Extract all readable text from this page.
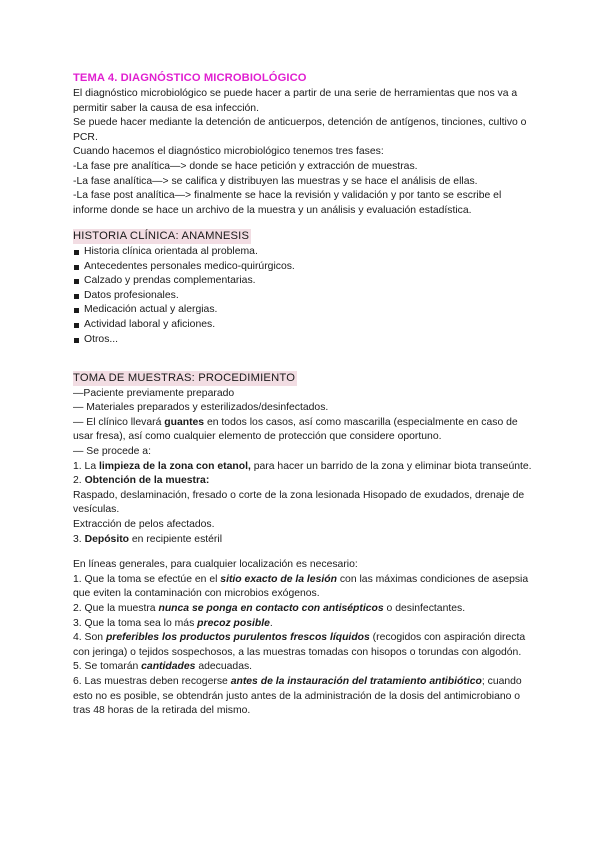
TEMA 4. DIAGNÓSTICO MICROBIOLÓGICO

El diagnóstico microbiológico se puede hacer a partir de una serie de herramientas que nos va a permitir saber la causa de esa infección.

Se puede hacer mediante la detención de anticuerpos, detención de antígenos, tinciones, cultivo o PCR.

Cuando hacemos el diagnóstico microbiológico tenemos tres fases:

-La fase pre analítica—> donde se hace petición y extracción de muestras.

-La fase analítica—> se califica y distribuyen las muestras y se hace el análisis de ellas.

-La fase post analítica—> finalmente se hace la revisión y validación y por tanto se escribe el informe donde se hace un archivo de la muestra y un análisis y evaluación estadística.

HISTORIA CLÍNICA: ANAMNESIS
Historia clínica orientada al problema.
Antecedentes personales medico-quirúrgicos.
Calzado y prendas complementarias.
Datos profesionales.
Medicación actual y alergias.
Actividad laboral y aficiones.
Otros...
TOMA DE MUESTRAS: PROCEDIMIENTO

—Paciente previamente preparado

— Materiales preparados y esterilizados/desinfectados.

— El clínico llevará guantes en todos los casos, así como mascarilla (especialmente en caso de usar fresa), así como cualquier elemento de protección que considere oportuno.

— Se procede a:

1. La limpieza de la zona con etanol, para hacer un barrido de la zona y eliminar biota transeúnte.

2. Obtención de la muestra:

Raspado, deslaminación, fresado o corte de la zona lesionada Hisopado de exudados, drenaje de vesículas.

Extracción de pelos afectados.

3. Depósito en recipiente estéril

En líneas generales, para cualquier localización es necesario:

1. Que la toma se efectúe en el sitio exacto de la lesión con las máximas condiciones de asepsia que eviten la contaminación con microbios exógenos.

2. Que la muestra nunca se ponga en contacto con antisépticos o desinfectantes.

3. Que la toma sea lo más precoz posible.

4. Son preferibles los productos purulentos frescos líquidos (recogidos con aspiración directa con jeringa) o tejidos sospechosos, a las muestras tomadas con hisopos o torundas con algodón.

5. Se tomarán cantidades adecuadas.

6. Las muestras deben recogerse antes de la instauración del tratamiento antibiótico; cuando esto no es posible, se obtendrán justo antes de la administración de la dosis del antimicrobiano o tras 48 horas de la retirada del mismo.
